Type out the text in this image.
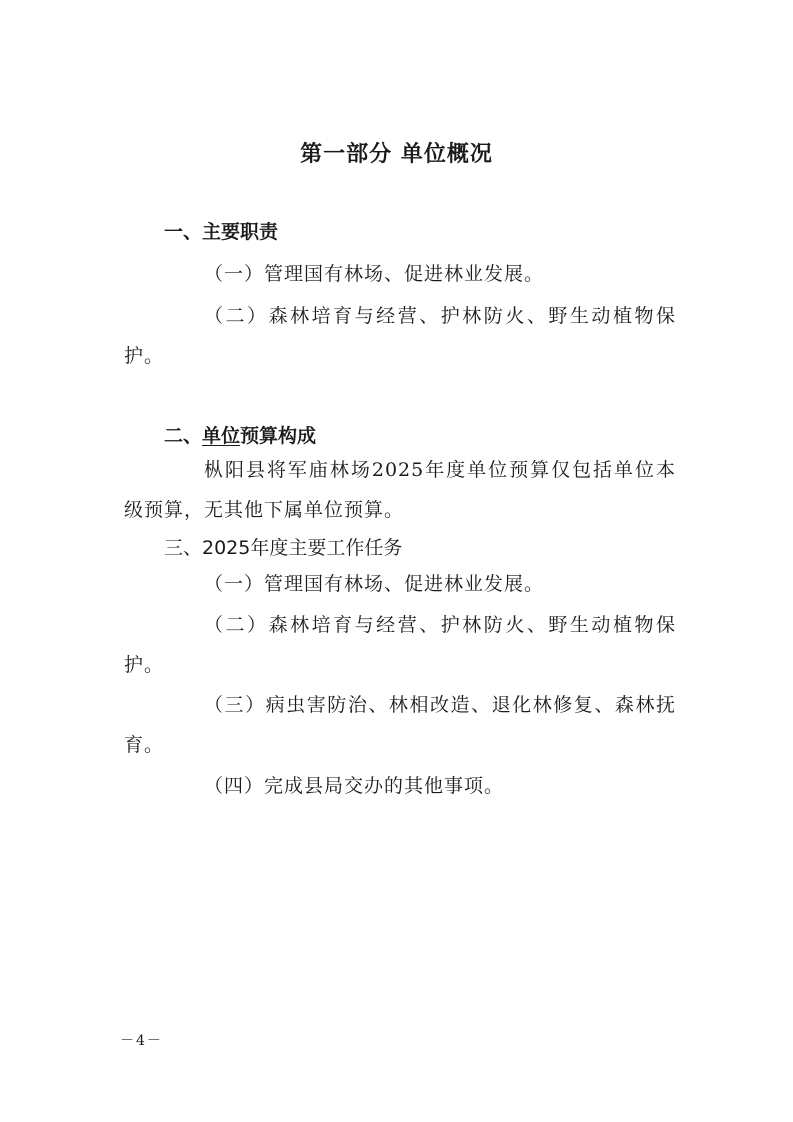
第一部分 单位概况
一、主要职责
（一）管理国有林场、促进林业发展。
（二）森林培育与经营、护林防火、野生动植物保护。
二、单位预算构成
枞阳县将军庙林场2025年度单位预算仅包括单位本级预算，无其他下属单位预算。
三、2025年度主要工作任务
（一）管理国有林场、促进林业发展。
（二）森林培育与经营、护林防火、野生动植物保护。
（三）病虫害防治、林相改造、退化林修复、森林抚育。
（四）完成县局交办的其他事项。
－4－
